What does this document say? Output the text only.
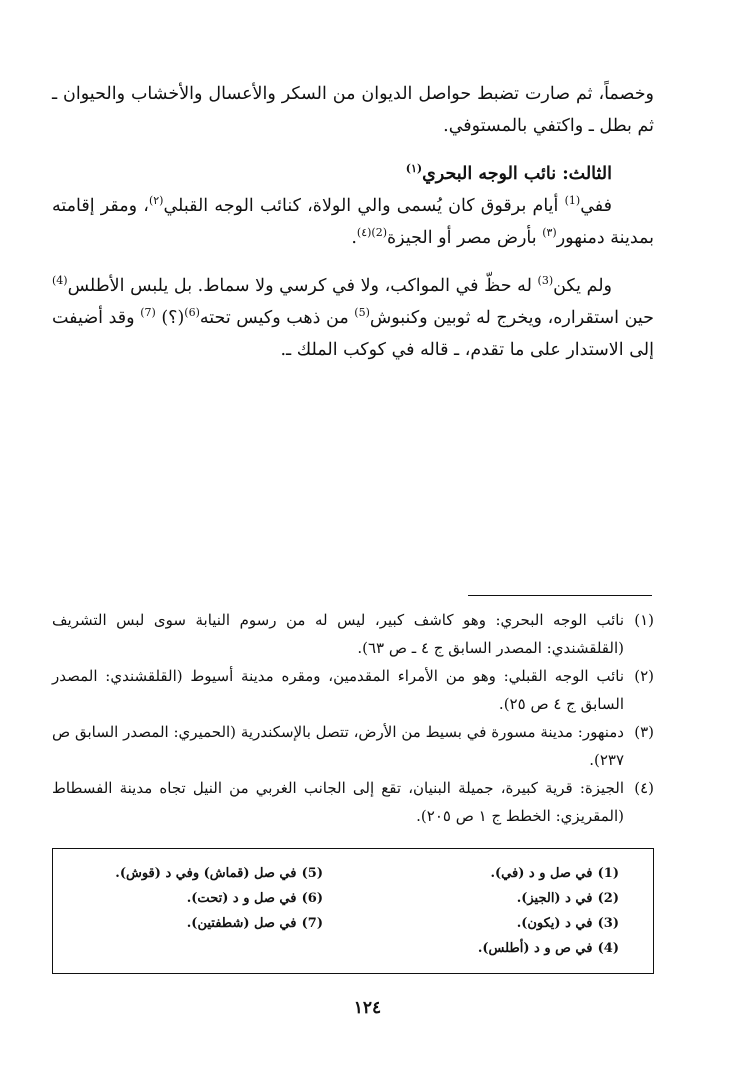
وخصماً، ثم صارت تضبط حواصل الديوان من السكر والأعسال والأخشاب والحيوان ـ ثم بطل ـ واكتفي بالمستوفي.

الثالث: نائب الوجه البحري$^{(١)}$

ففي$^{(1)}$ أيام برقوق كان يُسمى والي الولاة، كنائب الوجه القبلي$^{(٢)}$، ومقر إقامته بمدينة دمنهور$^{(٣)}$ بأرض مصر أو الجيزة$^{(2)(٤)}$.

ولم يكن$^{(3)}$ له حظّ في المواكب، ولا في كرسي ولا سماط. بل يلبس الأطلس$^{(4)}$ حين استقراره، ويخرج له ثوبين وكنبوش$^{(5)}$ من ذهب وكيس تحته$^{(6)}$(؟) $^{(7)}$ وقد أضيفت إلى الاستدار على ما تقدم، ـ قاله في كوكب الملك ـ.

(١)
نائب الوجه البحري: وهو كاشف كبير، ليس له من رسوم النيابة سوى لبس التشريف (القلقشندي: المصدر السابق ج ٤ ـ ص ٦٣).
(٢)
نائب الوجه القبلي: وهو من الأمراء المقدمين، ومقره مدينة أسيوط (القلقشندي: المصدر السابق ج ٤ ص ٢٥).
(٣)
دمنهور: مدينة مسورة في بسيط من الأرض، تتصل بالإسكندرية (الحميري: المصدر السابق ص ٢٣٧).
(٤)
الجيزة: قرية كبيرة، جميلة البنيان، تقع إلى الجانب الغربي من النيل تجاه مدينة الفسطاط (المقريزي: الخطط ج ١ ص ٢٠٥).
(1) في صل و د (في).
(2) في د (الجيز).
(3) في د (يكون).
(4) في ص و د (أطلس).
(5) في صل (قماش) وفي د (قوش).
(6) في صل و د (تحت).
(7) في صل (شطفتين).
١٢٤
